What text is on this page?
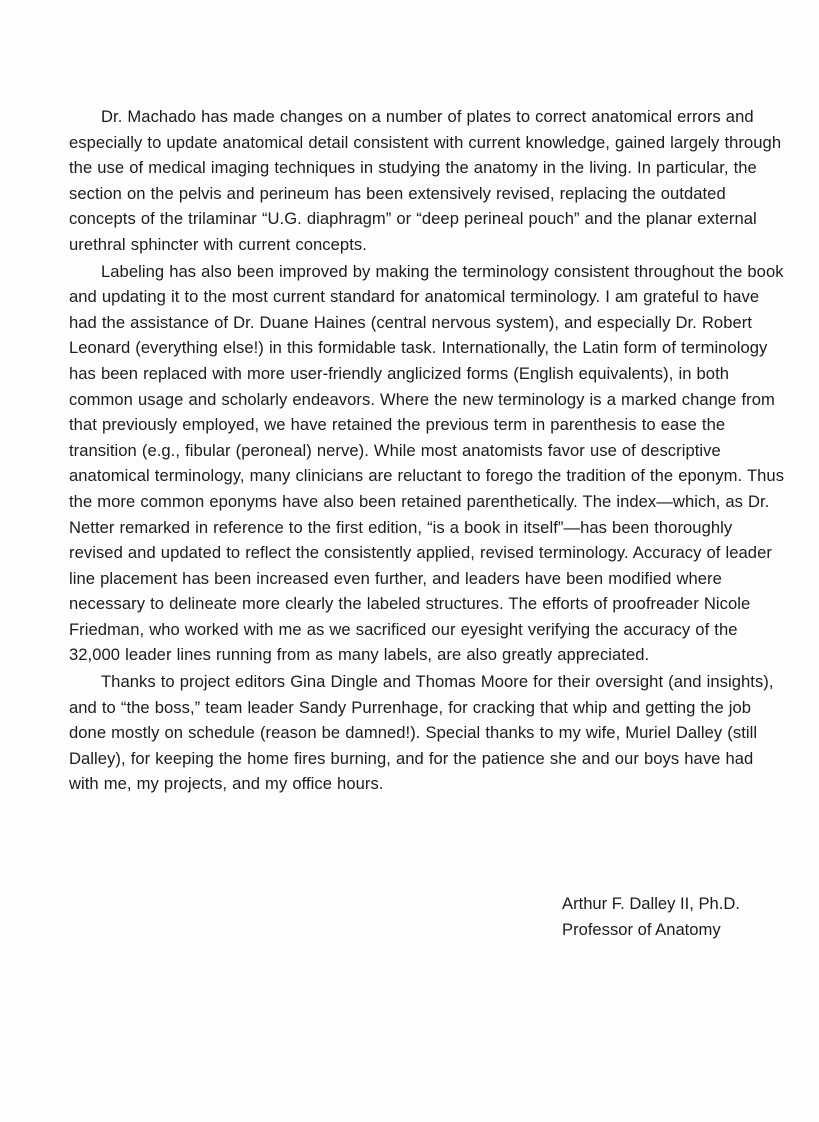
Dr. Machado has made changes on a number of plates to correct anatomical errors and especially to update anatomical detail consistent with current knowledge, gained largely through the use of medical imaging techniques in studying the anatomy in the living. In particular, the section on the pelvis and perineum has been extensively revised, replacing the outdated concepts of the trilaminar “U.G. diaphragm” or “deep perineal pouch” and the planar external urethral sphincter with current concepts.

Labeling has also been improved by making the terminology consistent throughout the book and updating it to the most current standard for anatomical terminology. I am grateful to have had the assistance of Dr. Duane Haines (central nervous system), and especially Dr. Robert Leonard (everything else!) in this formidable task. Internationally, the Latin form of terminology has been replaced with more user-friendly anglicized forms (English equivalents), in both common usage and scholarly endeavors. Where the new terminology is a marked change from that previously employed, we have retained the previous term in parenthesis to ease the transition (e.g., fibular (peroneal) nerve). While most anatomists favor use of descriptive anatomical terminology, many clinicians are reluctant to forego the tradition of the eponym. Thus the more common eponyms have also been retained parenthetically. The index—which, as Dr. Netter remarked in reference to the first edition, “is a book in itself”—has been thoroughly revised and updated to reflect the consistently applied, revised terminology. Accuracy of leader line placement has been increased even further, and leaders have been modified where necessary to delineate more clearly the labeled structures. The efforts of proofreader Nicole Friedman, who worked with me as we sacrificed our eyesight verifying the accuracy of the 32,000 leader lines running from as many labels, are also greatly appreciated.

Thanks to project editors Gina Dingle and Thomas Moore for their oversight (and insights), and to “the boss,” team leader Sandy Purrenhage, for cracking that whip and getting the job done mostly on schedule (reason be damned!). Special thanks to my wife, Muriel Dalley (still Dalley), for keeping the home fires burning, and for the patience she and our boys have had with me, my projects, and my office hours.

Arthur F. Dalley II, Ph.D.
Professor of Anatomy
